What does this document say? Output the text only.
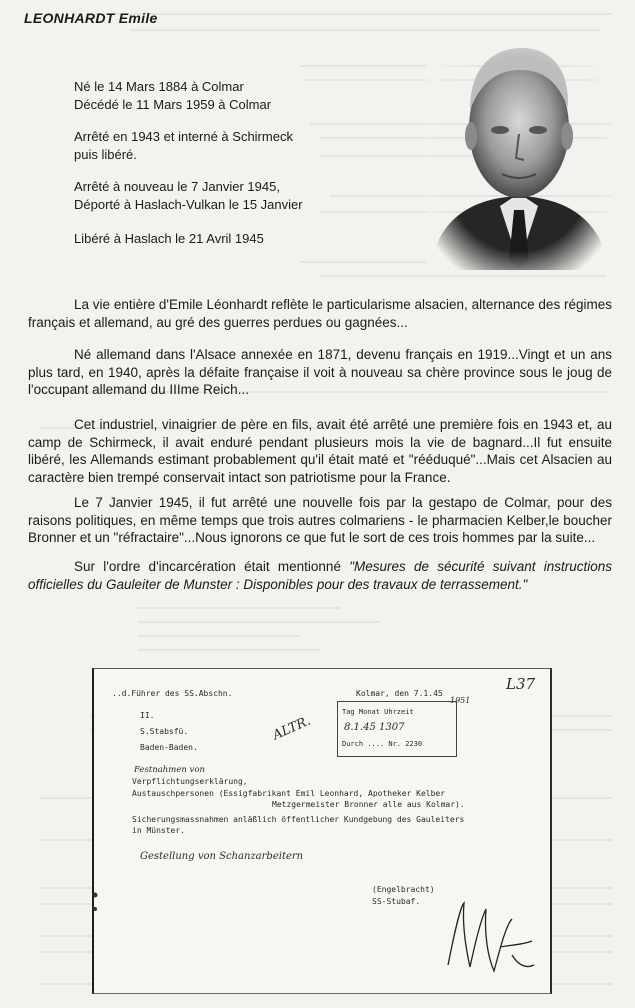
LEONHARDT Emile
Né le 14 Mars 1884 à Colmar
Décédé le 11 Mars 1959 à Colmar
Arrêté en 1943 et interné à Schirmeck
puis libéré.
Arrêté à nouveau le 7 Janvier 1945,
Déporté à Haslach-Vulkan le 15 Janvier
Libéré à Haslach le 21 Avril 1945

La vie entière d'Emile Léonhardt reflète le particularisme alsacien, alternance des régimes français et allemand, au gré des guerres perdues ou gagnées...

Né allemand dans l'Alsace annexée en 1871, devenu français en 1919...Vingt et un ans plus tard, en 1940, après la défaite française il voit à nouveau sa chère province sous le joug de l'occupant allemand du IIIme Reich...

Cet industriel, vinaigrier de père en fils, avait été arrêté une première fois en 1943 et, au camp de Schirmeck, il avait enduré pendant plusieurs mois la vie de bagnard...Il fut ensuite libéré, les Allemands estimant probablement qu'il était maté et "rééduqué"...Mais cet Alsacien au caractère bien trempé conservait intact son patriotisme pour la France.

Le 7 Janvier 1945, il fut arrêté une nouvelle fois par la gestapo de Colmar, pour des raisons politiques, en même temps que trois autres colmariens - le pharmacien Kelber,le boucher Bronner et un "réfractaire"...Nous ignorons ce que fut le sort de ces trois hommes par la suite...

Sur l'ordre d'incarcération était mentionné "Mesures de sécurité suivant instructions officielles du Gauleiter de Munster : Disponibles pour des travaux de terrassement."

..d.Führer des SS.Abschn.	Kolmar, den 7.1.45
1951
L37
II.
S.Stabsfü.
Baden-Baden.
ALTR.
Tag Monat Uhrzeit
8.1.45 1307
Durch .... Nr. 2230
Festnahmen von
Verpflichtungserklärung,
Austauschpersonen (Essigfabrikant Emil Leonhard, Apotheker Kelber
Metzgermeister Bronner alle aus Kolmar).
Sicherungsmassnahmen anläßlich öffentlicher Kundgebung des Gauleiters
in Münster.
Gestellung von Schanzarbeitern
(Engelbracht)
SS-Stubaf.
